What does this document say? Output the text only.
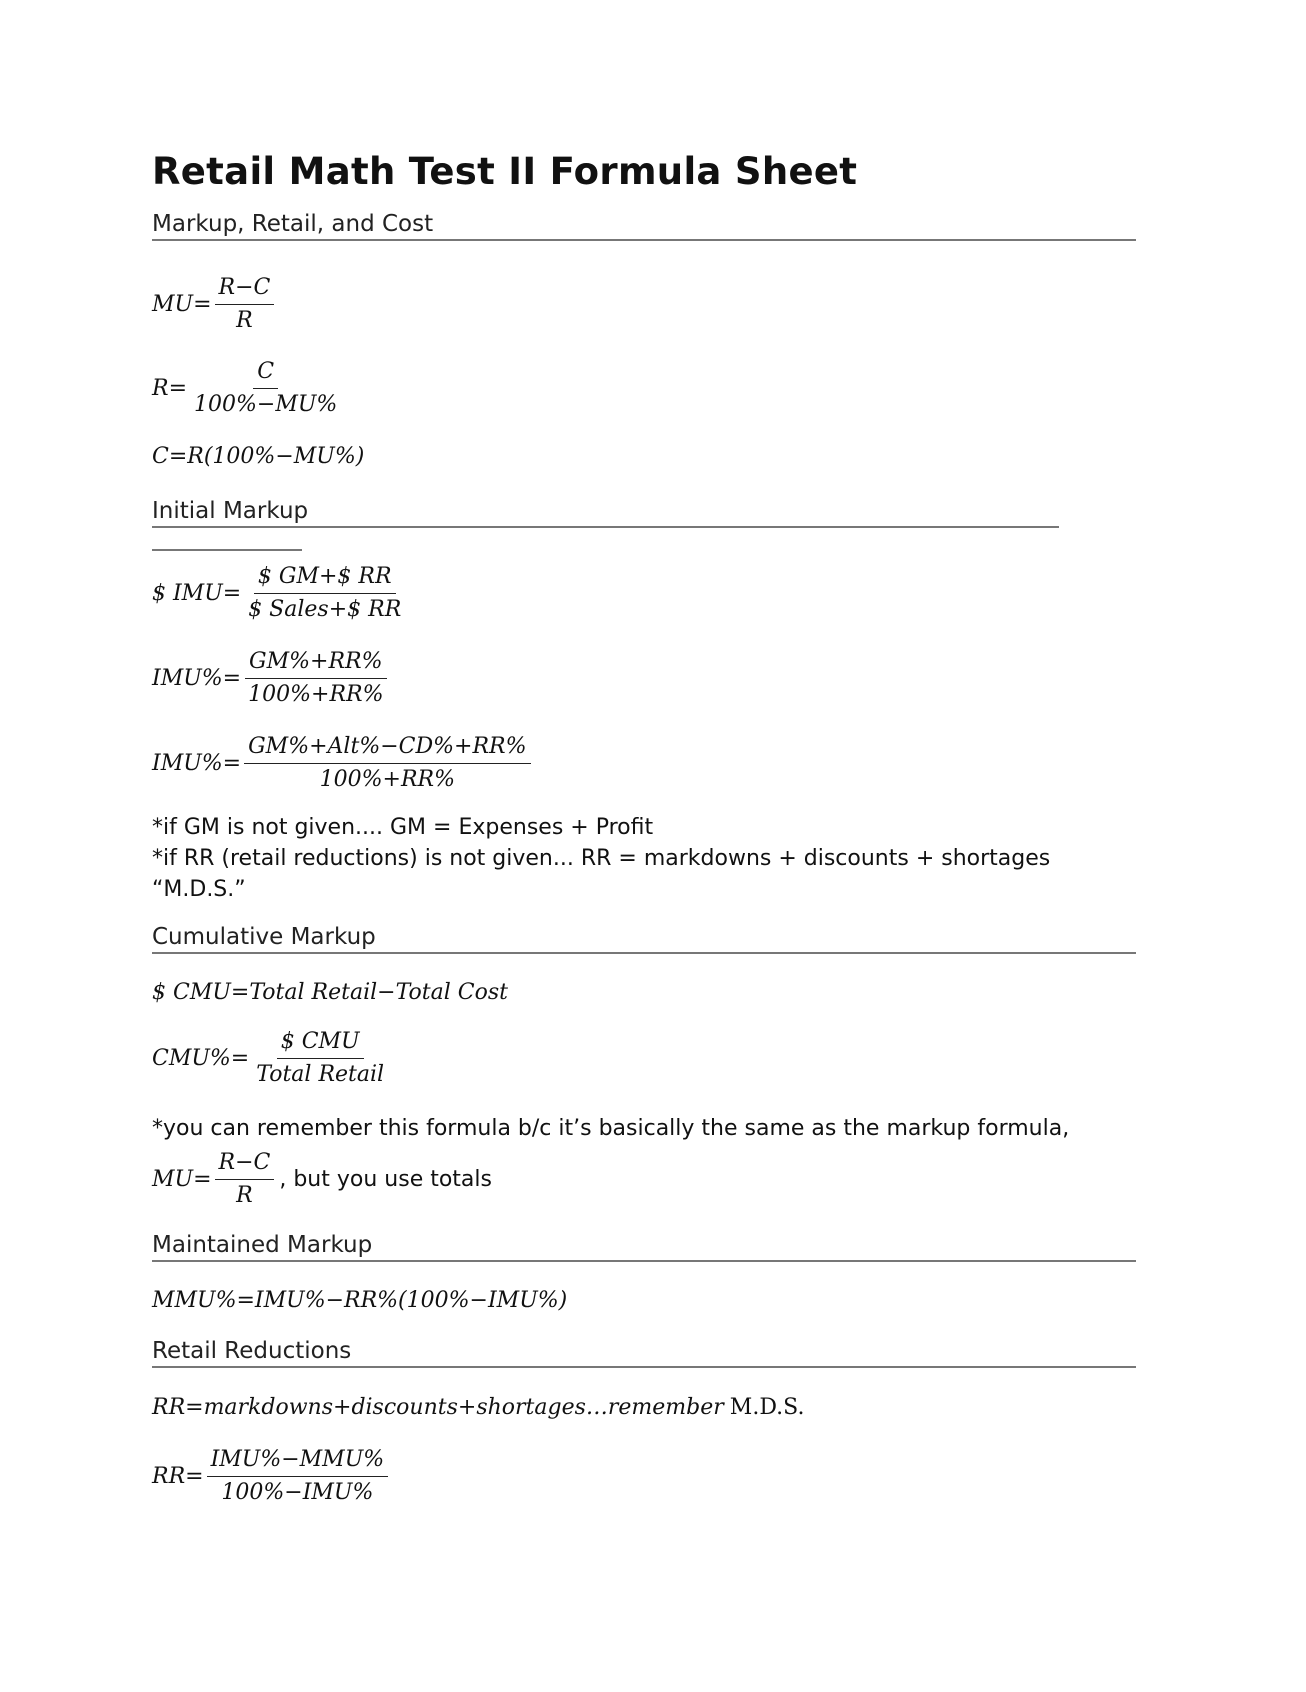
Retail Math Test II Formula Sheet
Markup, Retail, and Cost
$MU= \frac{R-C}{R}$
$R= \frac{C}{100\%-MU\%}$
C=R (100%−MU%)
Initial Markup
$ $IMU= \frac{\$ GM+\$ RR}{\text{\$ Sales+\$ RR}}$
$IMU\%= \frac{GM\%+RR\%}{100\%+RR\%}$
$IMU\%= \frac{\text{GM\%+Alt\%−CD\%+RR\%}}{100\%+RR\%}$

*if GM is not given.... GM = Expenses + Profit

*if RR (retail reductions) is not given... RR = markdowns + discounts + shortages

“M.D.S.”

Cumulative Markup
$ CMU=Total Retail−Total Cost
$CMU\%= \frac{\text{\$ CMU}}{\text{Total Retail}}$

*you can remember this formula b/c it’s basically the same as the markup formula,

$MU= \frac{R-C}{R}$ , but you use totals
Maintained Markup
MMU%=IMU%−RR%(100%−IMU%)
Retail Reductions
RR=markdowns+discounts+shortages…remember M.D.S.
$RR= \frac{\text{IMU\%−MMU\%}}{\text{100\%−IMU\%}}$
